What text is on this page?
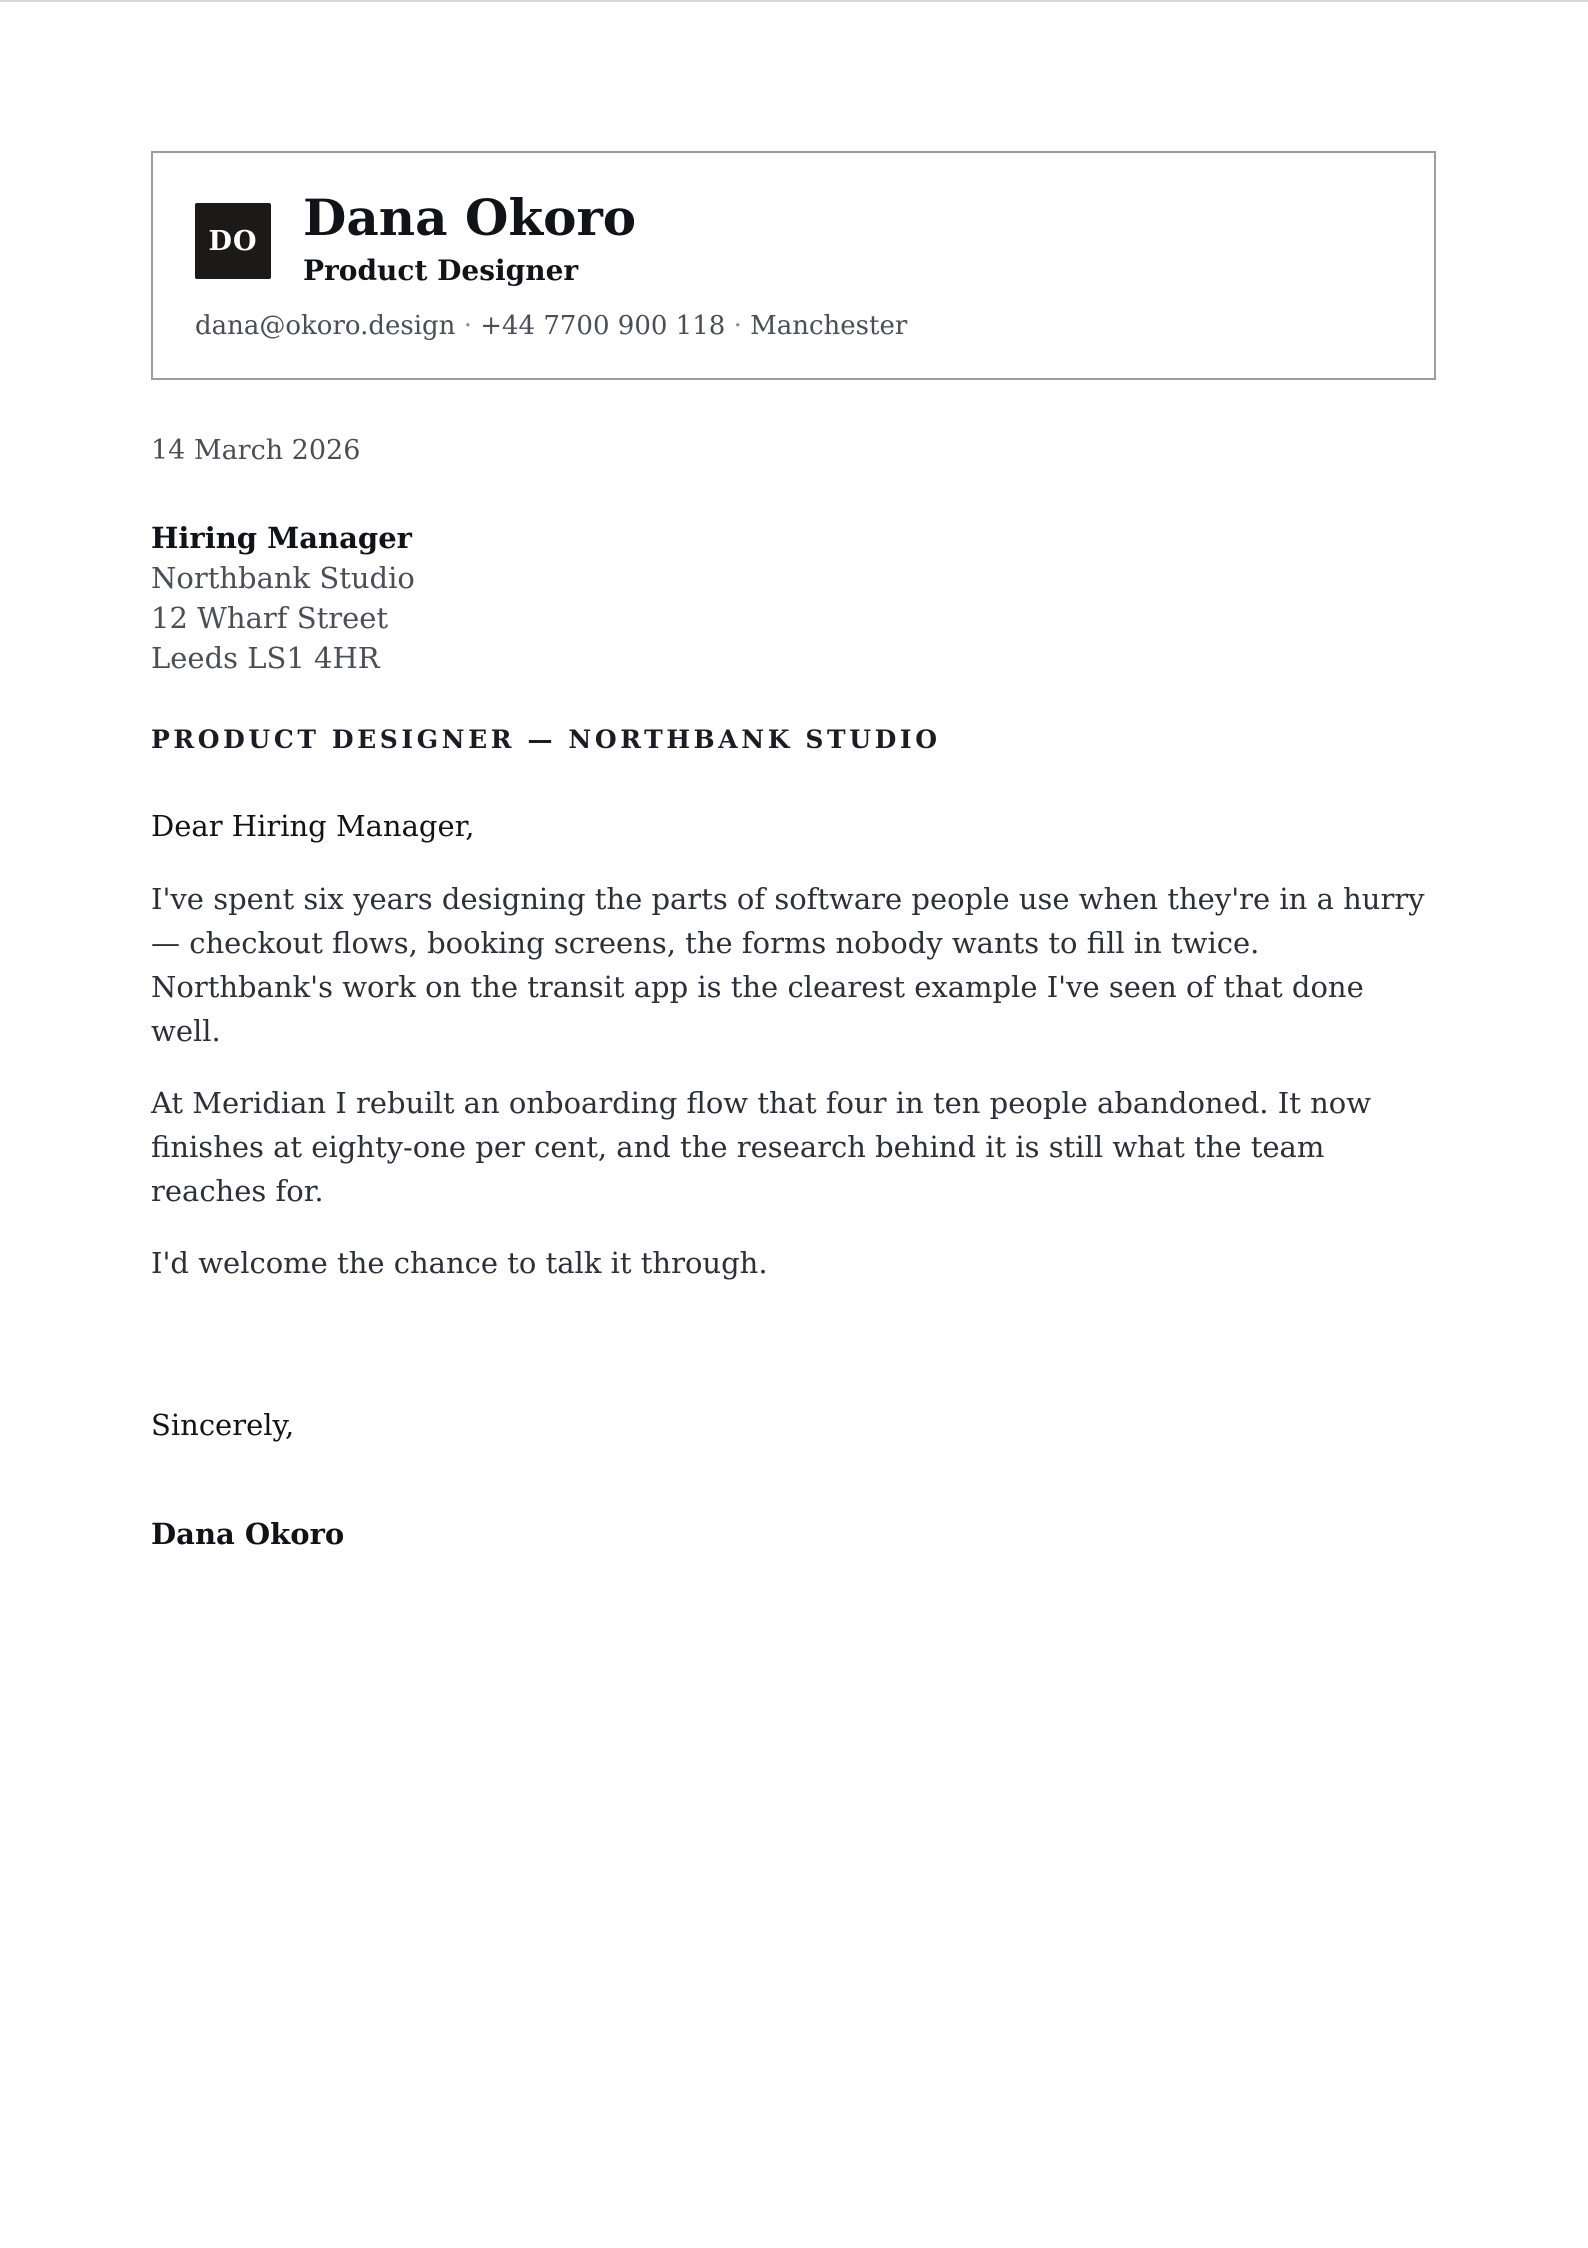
DO Dana Okoro
Product Designer
dana@okoro.design · +44 7700 900 118 · Manchester
14 March 2026
Hiring Manager
Northbank Studio
12 Wharf Street
Leeds LS1 4HR
PRODUCT DESIGNER — NORTHBANK STUDIO
Dear Hiring Manager,

I've spent six years designing the parts of software people use when they're in a hurry — checkout flows, booking screens, the forms nobody wants to fill in twice. Northbank's work on the transit app is the clearest example I've seen of that done well.

At Meridian I rebuilt an onboarding flow that four in ten people abandoned. It now finishes at eighty-one per cent, and the research behind it is still what the team reaches for.

I'd welcome the chance to talk it through.

Sincerely,
Dana Okoro
